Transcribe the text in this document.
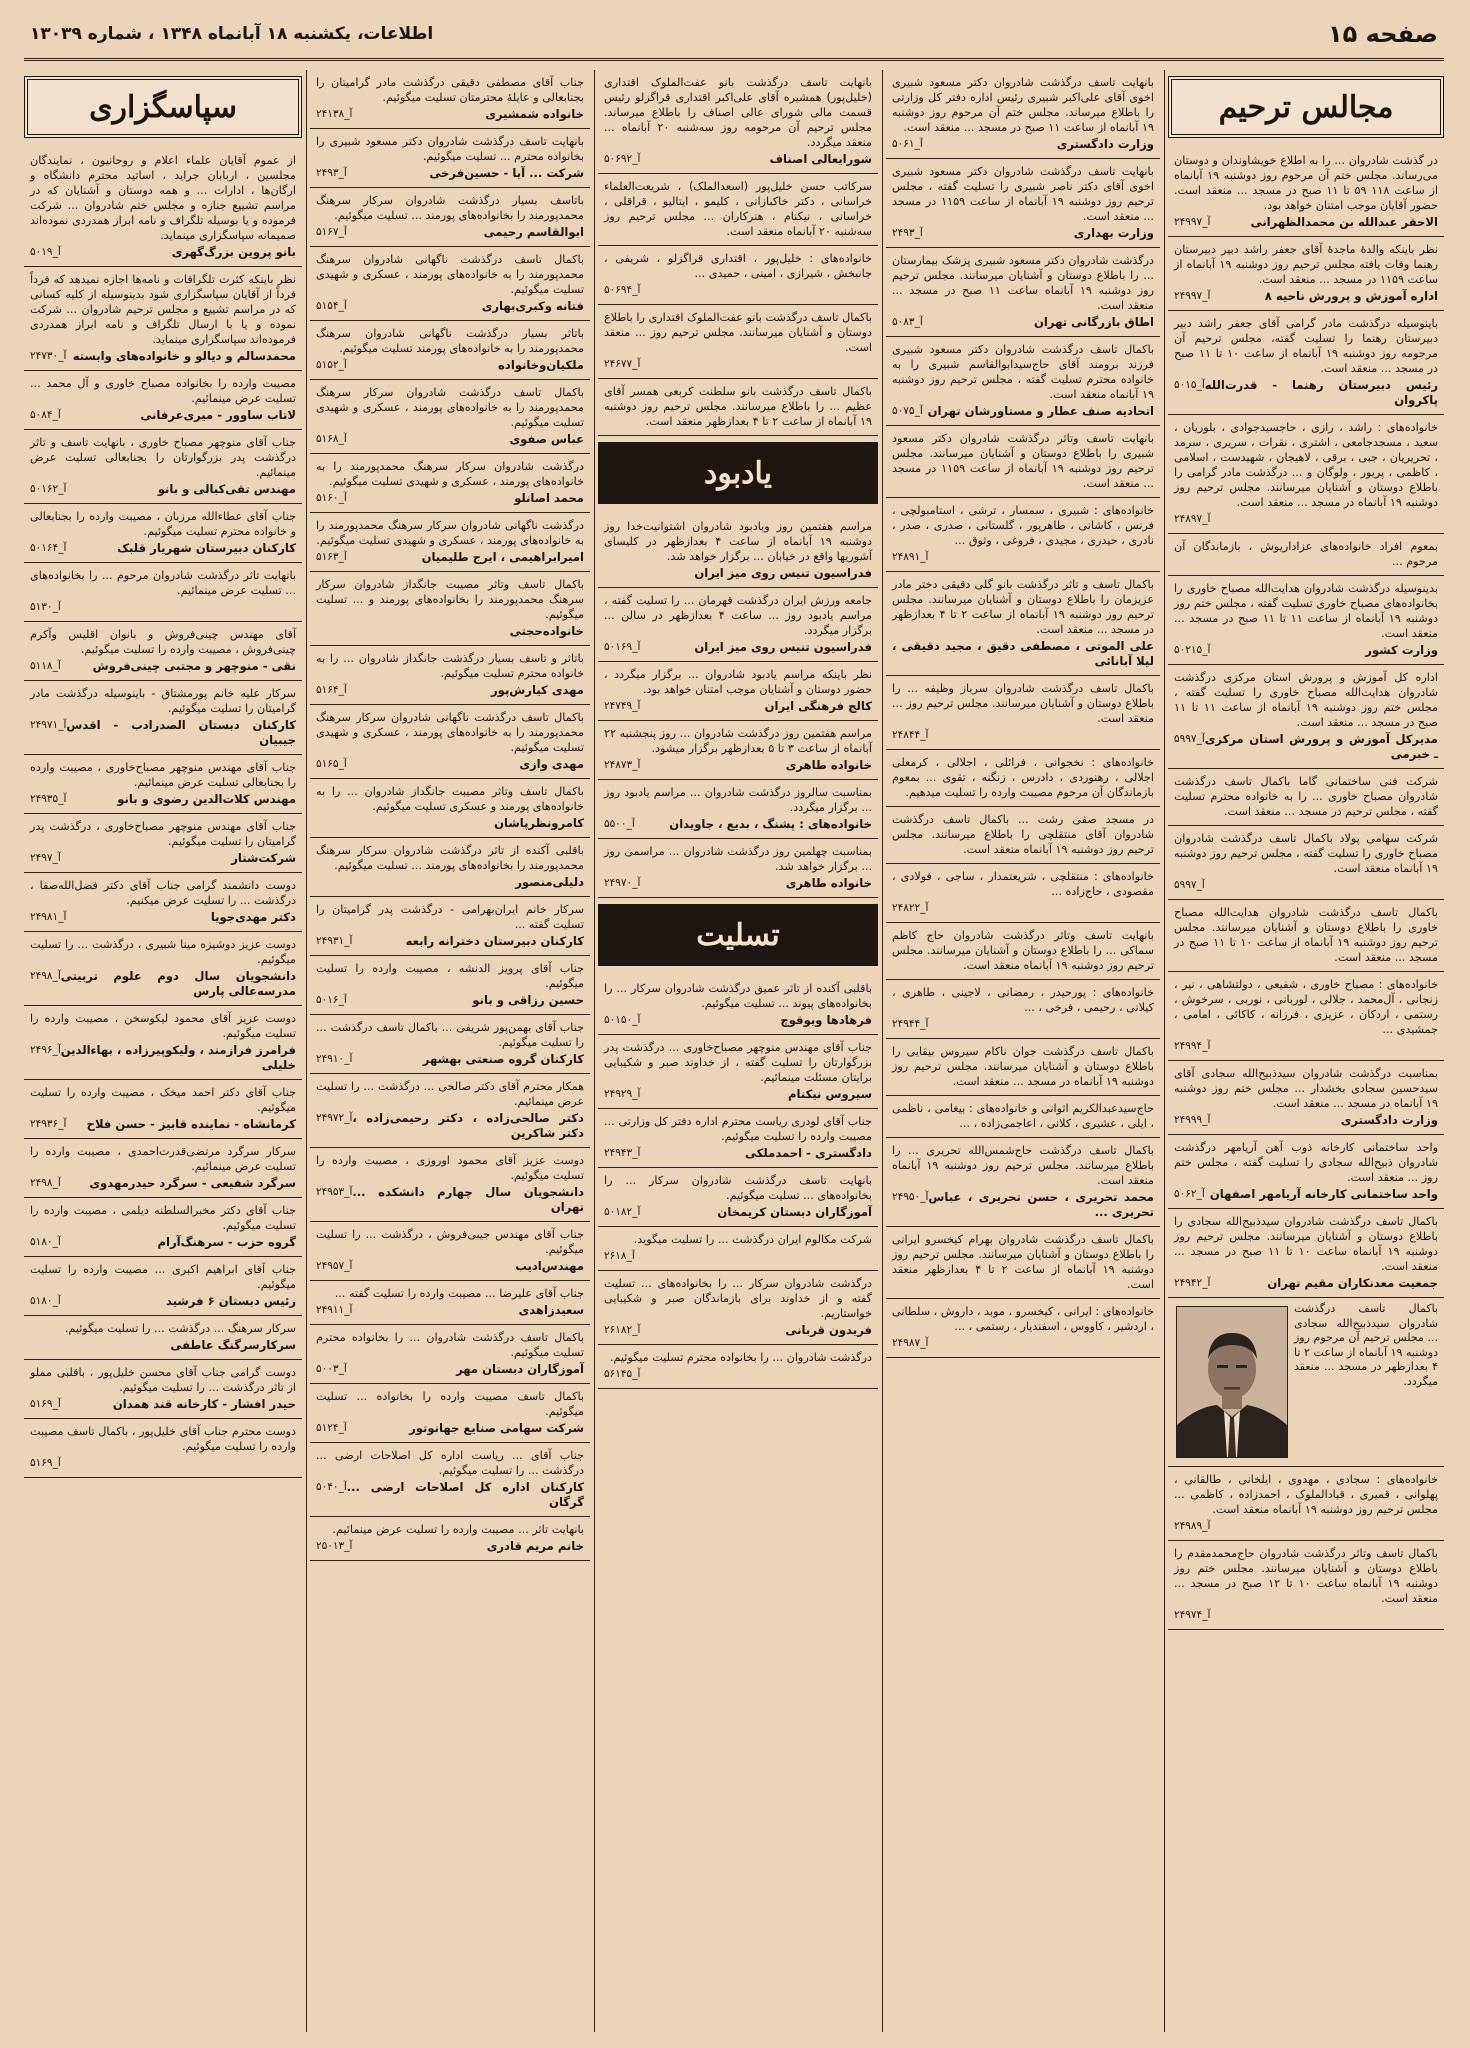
صفحه ۱۵
اطلاعات، یکشنبه ۱۸ آبانماه ۱۳۴۸ ، شماره ۱۳۰۳۹
مجالس ترحیم
در گذشت شادروان ... را به اطلاع خویشاوندان و دوستان می‌رساند. مجلس ختم آن مرحوم روز دوشنبه ۱۹ آبانماه از ساعت ۱۱۸ ۵۹ تا ۱۱ صبح در مسجد ... منعقد است. حضور آقایان موجب امتنان خواهد بود.
الاحقر عبدالله بن محمدالظهرانی
آ_۲۴۹۹۷
نظر باینکه والدهٔ ماجدهٔ آقای جعفر راشد دبیر دبیرستان رهنما وفات یافته مجلس ترحیم روز دوشنبه ۱۹ آبانماه از ساعت ۱۱۵۹ در مسجد ... منعقد است.
اداره آموزش و پرورش ناحیه ۸
آ_۲۴۹۹۷
باینوسیله درگذشت مادر گرامی آقای جعفر راشد دبیر دبیرستان رهنما را تسلیت گفته، مجلس ترحیم آن مرحومه روز دوشنبه ۱۹ آبانماه از ساعت ۱۰ تا ۱۱ صبح در مسجد ... منعقد است.
رئیس دبیرستان رهنما - قدرت‌الله پاکروان
آ_۵۰۱۵
خانواده‌های : راشد ، رازی ، حاجسیدجوادی ، بلوریان ، سعید ، مسجدجامعی ، اشتری ، نقرات ، سریری ، سرمد ، تحریریان ، جبی ، برقی ، لاهیجان ، شهیدست ، اسلامی ، کاظمی ، پریور ، ولوگان و ... درگذشت مادر گرامی را باطلاع دوستان و آشنایان میرسانند. مجلس ترحیم روز دوشنبه ۱۹ آبانماه در مسجد ... منعقد است.
آ_۲۴۸۹۷
بمعوم افراد خانواده‌های عزاداریوش ، بازماندگان آن مرحوم ...
بدینوسیله درگذشت شادروان هدایت‌الله مصباح خاوری را بخانواده‌های مصباح خاوری تسلیت گفته ، مجلس ختم روز دوشنبه ۱۹ آبانماه از ساعت ۱۱ تا ۱۱ صبح در مسجد ... منعقد است.
وزارت کشور
آ_۵۰۲۱۵
اداره کل آموزش و پرورش استان مرکزی درگذشت شادروان هدایت‌الله مصباح خاوری را تسلیت گفته ، مجلس ختم روز دوشنبه ۱۹ آبانماه از ساعت ۱۱ تا ۱۱ صبح در مسجد ... منعقد است.
مدیرکل آموزش و پرورش استان مرکزی ـ خبرمی
آ_۵۹۹۷
شرکت فنی ساختمانی گاما باکمال تاسف درگذشت شادروان مصباح خاوری ... را به خانواده محترم تسلیت گفته ، مجلس ترحیم در مسجد ... منعقد است.
شرکت سهامی پولاد باکمال تاسف درگذشت شادروان مصباح خاوری را تسلیت گفته ، مجلس ترحیم روز دوشنبه ۱۹ آبانماه منعقد است.
آ_۵۹۹۷
باکمال تاسف درگذشت شادروان هدایت‌الله مصباح خاوری را باطلاع دوستان و آشنایان میرسانند. مجلس ترحیم روز دوشنبه ۱۹ آبانماه از ساعت ۱۰ تا ۱۱ صبح در مسجد ... منعقد است.
خانواده‌های : مصباح خاوری ، شفیعی ، دولتشاهی ، نیر ، زنجانی ، آل‌محمد ، جلالی ، لوربانی ، نوربی ، سرخوش ، رستمی ، اردکان ، عزیزی ، فرزانه ، کاکائی ، امامی ، جمشیدی ...
آ_۲۴۹۹۴
بمناسبت درگذشت شادروان سیدذبیح‌الله سجادی آقای سیدحسین سجادی بخشدار ... مجلس ختم روز دوشنبه ۱۹ آبانماه در مسجد ... منعقد است.
وزارت دادگستری
آ_۲۴۹۹۹
واحد ساختمانی کارخانه ذوب آهن آریامهر درگذشت شادروان ذبیح‌الله سجادی را تسلیت گفته ، مجلس ختم روز ... منعقد است.
واحد ساختمانی کارخانه آریامهر اصفهان
آ_۵۰۶۲
باکمال تاسف درگذشت شادروان سیدذبیح‌الله سجادی را باطلاع دوستان و آشنایان میرسانند. مجلس ترحیم روز دوشنبه ۱۹ آبانماه ساعت ۱۰ تا ۱۱ صبح در مسجد ... منعقد است.
جمعیت معدنکاران مقیم تهران
آ_۲۴۹۴۲
باکمال تاسف درگذشت شادروان سیدذبیح‌الله سجادی ... مجلس ترحیم آن مرحوم روز دوشنبه ۱۹ آبانماه از ساعت ۲ تا ۴ بعدازظهر در مسجد ... منعقد میگردد.
خانواده‌های : سجادی ، مهدوی ، ایلخانی ، طالقانی ، پهلوانی ، قمیری ، قباد‌الملوک ، احمدزاده ، کاظمی ... مجلس ترحیم روز دوشنبه ۱۹ آبانماه منعقد است.
آ_۲۴۹۸۹
باکمال تاسف وتاثر درگذشت شادروان حاج‌محمدمقدم را باطلاع دوستان و آشنایان میرسانند. مجلس ختم روز دوشنبه ۱۹ آبانماه ساعت ۱۰ تا ۱۲ صبح در مسجد ... منعقد است.
آ_۲۴۹۷۴
بانهایت تاسف درگذشت شادروان دکتر مسعود شبیری اخوی آقای علی‌اکبر شبیری رئیس اداره دفتر کل وزارتی را باطلاع میرساند. مجلس ختم آن مرحوم روز دوشنبه ۱۹ آبانماه از ساعت ۱۱ صبح در مسجد ... منعقد است.
وزارت دادگستری
آ_۵۰۶۱
بانهایت تاسف درگذشت شادروان دکتر مسعود شبیری اخوی آقای دکتر ناصر شبیری را تسلیت گفته ، مجلس ترحیم روز دوشنبه ۱۹ آبانماه از ساعت ۱۱۵۹ در مسجد ... منعقد است.
وزارت بهداری
آ_۲۴۹۳
درگذشت شادروان دکتر مسعود شبیری پزشک بیمارستان ... را باطلاع دوستان و آشنایان میرسانند. مجلس ترحیم روز دوشنبه ۱۹ آبانماه ساعت ۱۱ صبح در مسجد ... منعقد است.
اطاق بازرگانی تهران
آ_۵۰۸۳
باکمال تاسف درگذشت شادروان دکتر مسعود شبیری فرزند برومند آقای حاج‌سیدابوالقاسم شبیری را به خانواده محترم تسلیت گفته ، مجلس ترحیم روز دوشنبه ۱۹ آبانماه منعقد است.
اتحادیه صنف عطار و مستاورشان تهران
آ_۵۰۷۵
بانهایت تاسف وتاثر درگذشت شادروان دکتر مسعود شبیری را باطلاع دوستان و آشنایان میرسانند. مجلس ترحیم روز دوشنبه ۱۹ آبانماه از ساعت ۱۱۵۹ در مسجد ... منعقد است.
خانواده‌های : شبیری ، سمسار ، ترشی ، استامبولچی ، فرنس ، کاشانی ، طاهرپور ، گلستانی ، صدری ، صدر ، نادری ، حیدری ، مجیدی ، فروغی ، وثوق ...
آ_۲۴۸۹۱
باکمال تاسف و تاثر درگذشت بانو گلی دقیقی دختر مادر عزیزمان را باطلاع دوستان و آشنایان میرسانند. مجلس ترحیم روز دوشنبه ۱۹ آبانماه از ساعت ۲ تا ۴ بعدازظهر در مسجد ... منعقد است.
علی الموتی ، مصطفی دقیق ، مجید دقیقی ، لیلا آبانائی
باکمال تاسف درگذشت شادروان سرباز وظیفه ... را باطلاع دوستان و آشنایان میرسانند. مجلس ترحیم روز ... منعقد است.
آ_۲۴۸۴۴
خانواده‌های : نخجوانی ، فرائلی ، اجلالی ، کرمعلی اجلالی ، رهنوردی ، دادرس ، زنگنه ، تقوی ... بمعوم بازماندگان آن مرحوم مصیبت وارده را تسلیت میدهیم.
در مسجد صفی رشت ... باکمال تاسف درگذشت شادروان آقای منتقلچی را باطلاع میرسانند. مجلس ترحیم روز دوشنبه ۱۹ آبانماه منعقد است.
خانواده‌های : منتقلچی ، شریعتمدار ، ساجی ، فولادی ، مقصودی ، حاج‌زاده ...
آ_۲۴۸۲۲
بانهایت تاسف وتاثر درگذشت شادروان حاج کاظم سماکی ... را باطلاع دوستان و آشنایان میرسانند. مجلس ترحیم روز دوشنبه ۱۹ آبانماه منعقد است.
خانواده‌های : پورحیدر ، رمضانی ، لاجینی ، طاهری ، کیلانی ، رحیمی ، فرخی ، ...
آ_۲۴۹۴۴
باکمال تاسف درگذشت جوان ناکام سیروس بیقایی را باطلاع دوستان و آشنایان میرسانند. مجلس ترحیم روز دوشنبه ۱۹ آبانماه در مسجد ... منعقد است.
حاج‌سیدعبدالکریم اثوانی و خانواده‌های : بیغامی ، ناظمی ، ایلی ، عشیری ، کلانی ، اعاجمی‌زاده ، ...
باکمال تاسف درگذشت حاج‌شمس‌الله تحریری ... را باطلاع میرسانند. مجلس ترحیم روز دوشنبه ۱۹ آبانماه منعقد است.
محمد تحریری ، حسن تحریری ، عباس تحریری ...
آ_۲۴۹۵۰
باکمال تاسف درگذشت شادروان بهرام کیخسرو ایرانی را باطلاع دوستان و آشنایان میرسانند. مجلس ترحیم روز دوشنبه ۱۹ آبانماه از ساعت ۲ تا ۴ بعدازظهر منعقد است.
خانواده‌های : ایرانی ، کیخسرو ، موبد ، داروش ، سلطانی ، اردشیر ، کاووس ، اسفندیار ، رستمی ، ...
آ_۲۴۹۸۷
بانهایت تاسف درگذشت بانو عفت‌الملوک اقتداری (خلیل‌پور) همشیره آقای علی‌اکبر اقتداری قراگزلو رئیس قسمت مالی شورای عالی اصناف را باطلاع میرساند. مجلس ترحیم آن مرحومه روز سه‌شنبه ۲۰ آبانماه ... منعقد میگردد.
شورایعالی اصناف
آ_۵۰۶۹۲
سرکاتب حسن خلیل‌پور (اسعدالملک) ، شریعت‌العلماء خراسانی ، دکتر خاکبازانی ، کلیمو ، ایتالیو ، قراقلی ، خراسانی ، نیکنام ، هنرکاران ... مجلس ترحیم روز سه‌شنبه ۲۰ آبانماه منعقد است.
خانواده‌های : خلیل‌پور ، اقتداری قراگزلو ، شریفی ، جانبخش ، شیرازی ، امینی ، حمیدی ...
آ_۵۰۶۹۴
باکمال تاسف درگذشت بانو عفت‌الملوک اقتداری را باطلاع دوستان و آشنایان میرسانند. مجلس ترحیم روز ... منعقد است.
آ_۲۴۶۷۷
باکمال تاسف درگذشت بانو سلطنت کربعی همسر آقای عظیم ... را باطلاع میرسانند. مجلس ترحیم روز دوشنبه ۱۹ آبانماه از ساعت ۲ تا ۴ بعدازظهر منعقد است.
یادبود
مراسم هفتمین روز وبادبود شادروان اشتوانیت‌خدا روز دوشنبه ۱۹ آبانماه از ساعت ۴ بعدازظهر در کلیسای آشوریها واقع در خیابان ... برگزار خواهد شد.
فدراسیون تنیس روی میز ایران
جامعه ورزش ایران درگذشت قهرمان ... را تسلیت گفته ، مراسم یادبود روز ... ساعت ۴ بعدازظهر در سالن ... برگزار میگردد.
فدراسیون تنیس روی میز ایران
آ_۵۰۱۶۹
نظر باینکه مراسم یادبود شادروان ... برگزار میگردد ، حضور دوستان و آشنایان موجب امتنان خواهد بود.
کالج فرهنگی ایران
آ_۲۴۷۴۹
مراسم هفتمین روز درگذشت شادروان ... روز پنجشنبه ۲۲ آبانماه از ساعت ۳ تا ۵ بعدازظهر برگزار میشود.
خانواده طاهری
آ_۲۴۸۷۳
بمناسبت سالروز درگذشت شادروان ... مراسم یادبود روز ... برگزار میگردد.
خانواده‌های : پشنگ ، بدیع ، جاویدان
آ_۵۵۰۰
بمناسبت چهلمین روز درگذشت شادروان ... مراسمی روز ... برگزار خواهد شد.
خانواده طاهری
آ_۲۴۹۷۰
تسلیت
باقلبی آکنده از تاثر عمیق درگذشت شادروان سرکار ... را بخانواده‌های پیوند ... تسلیت میگوئیم.
فرهادها ویوقوچ
آ_۵۰۱۵۰
جناب آقای مهندس منوچهر مصباح‌خاوری ... درگذشت پدر بزرگوارتان را تسلیت گفته ، از خداوند صبر و شکیبایی برایتان مسئلت مینمائیم.
سیروس نیکنام
آ_۲۴۹۲۹
جناب آقای لودری ریاست محترم اداره دفتر کل وزارتی ... مصیبت وارده را تسلیت میگوئیم.
دادگستری - احمدملکی
آ_۲۴۹۴۳
بانهایت تاسف درگذشت شادروان سرکار ... را بخانواده‌های ... تسلیت میگوئیم.
آموزگاران دبستان کریمخان
آ_۵۰۱۸۲
شرکت مکالوم ایران درگذشت ... را تسلیت میگوید.
آ_۲۶۱۸
درگذشت شادروان سرکار ... را بخانواده‌های ... تسلیت گفته و از خداوند برای بازماندگان صبر و شکیبایی خواستاریم.
فریدون قربانی
آ_۲۶۱۸۲
درگذشت شادروان ... را بخانواده محترم تسلیت میگوئیم.
آ_۵۶۱۴۵
جناب آقای مصطفی دقیقی درگذشت مادر گرامیتان را بجنابعالی و عایلهٔ محترمتان تسلیت میگوئیم.
خانواده شمشیری
آ_۲۴۱۳۸
بانهایت تاسف درگذشت شادروان دکتر مسعود شبیری را بخانواده محترم ... تسلیت میگوئیم.
شرکت ... آیا - حسین‌فرخی
آ_۲۴۹۳
باتاسف بسیار درگذشت شادروان سرکار سرهنگ محمدپورمند را بخانواده‌های پورمند ... تسلیت میگوئیم.
ابوالقاسم رحیمی
آ_۵۱۶۷
باکمال تاسف درگذشت ناگهانی شادروان سرهنگ محمدپورمند را به خانواده‌های پورمند ، عسکری و شهیدی تسلیت میگوئیم.
فتانه وکبری‌بهاری
آ_۵۱۵۴
باتاثر بسیار درگذشت ناگهانی شادروان سرهنگ محمدپورمند را به خانواده‌های پورمند تسلیت میگوئیم.
ملکیان‌وخانواده
آ_۵۱۵۲
باکمال تاسف درگذشت شادروان سرکار سرهنگ محمدپورمند را به خانواده‌های پورمند ، عسکری و شهیدی تسلیت میگوئیم.
عباس صفوی
آ_۵۱۶۸
درگذشت شادروان سرکار سرهنگ محمدپورمند را به خانواده‌های پورمند ، عسکری و شهیدی تسلیت میگوئیم.
محمد اصانلو
آ_۵۱۶۰
درگذشت ناگهانی شادروان سرکار سرهنگ محمدپورمند را به خانواده‌های پورمند ، عسکری و شهیدی تسلیت میگوئیم.
امیرابراهیمی ، ایرج طلیمیان
آ_۵۱۶۳
باکمال تاسف وتاثر مصیبت جانگداز شادروان سرکار سرهنگ محمدپورمند را بخانواده‌های پورمند و ... تسلیت میگوئیم.
خانواده‌حجتی
باتاثر و تاسف بسیار درگذشت جانگداز شادروان ... را به خانواده محترم تسلیت میگوئیم.
مهدی کیارش‌پور
آ_۵۱۶۴
باکمال تاسف درگذشت ناگهانی شادروان سرکار سرهنگ محمدپورمند را به خانواده‌های پورمند ، عسکری و شهیدی تسلیت میگوئیم.
مهدی وازی
آ_۵۱۶۵
باکمال تاسف وتاثر مصیبت جانگداز شادروان ... را به خانواده‌های پورمند و عسکری تسلیت میگوئیم.
کامرونظرپاشان
باقلبی آکنده از تاثر درگذشت شادروان سرکار سرهنگ محمدپورمند را بخانواده‌های پورمند ... تسلیت میگوئیم.
دلیلی‌منصور
سرکار خانم ایران‌بهرامی - درگذشت پدر گرامیتان را تسلیت گفته ...
کارکنان دبیرستان دخترانه رابعه
آ_۲۴۹۳۱
جناب آقای پرویز الدنشه ، مصیبت وارده را تسلیت میگوئیم.
حسین رزاقی و بانو
آ_۵۰۱۶
جناب آقای بهمن‌پور شریفی ... باکمال تاسف درگذشت ... را تسلیت میگوئیم.
کارکنان گروه صنعتی بهشهر
آ_۲۴۹۱۰
همکار محترم آقای دکتر صالحی ... درگذشت ... را تسلیت عرض مینمائیم.
دکتر صالحی‌زاده ، دکتر رحیمی‌زاده ، دکتر شاکرین
آ_۲۴۹۷۲
دوست عزیز آقای محمود اوروزی ، مصیبت وارده را تسلیت میگوئیم.
دانشجویان سال چهارم دانشکده ... تهران
آ_۲۴۹۵۳
جناب آقای مهندس جیبی‌فروش ، درگذشت ... را تسلیت میگوئیم.
مهندس‌ادیب
آ_۲۴۹۵۷
جناب آقای علیرضا ... مصیبت وارده را تسلیت گفته ...
سعیدزاهدی
آ_۲۴۹۱۱
باکمال تاسف درگذشت شادروان ... را بخانواده محترم تسلیت میگوئیم.
آموزگاران دبستان مهر
آ_۵۰۰۳
باکمال تاسف مصیبت وارده را بخانواده ... تسلیت میگوئیم.
شرکت سهامی صنایع جهانوتور
آ_۵۱۲۴
جناب آقای ... ریاست اداره کل اصلاحات ارضی ... درگذشت ... را تسلیت میگوئیم.
کارکنان اداره کل اصلاحات ارضی ... گرگان
آ_۵۰۴۰
بانهایت تاثر ... مصیبت وارده را تسلیت عرض مینمائیم.
خانم مریم قادری
آ_۲۵۰۱۳
سپاسگزاری
از عموم آقایان علماء اعلام و روحانیون ، نمایندگان مجلسین ، اربابان جراید ، اساتید محترم دانشگاه و ارگان‌ها ، ادارات ... و همه دوستان و آشنایان که در مراسم تشییع جنازه و مجلس ختم شادروان ... شرکت فرموده و یا بوسیله تلگراف و نامه ابراز همدردی نموده‌اند صمیمانه سپاسگزاری مینماید.
بانو پروین بزرگ‌گهری
آ_۵۰۱۹
نظر باینکه کثرت تلگرافات و نامه‌ها اجازه نمیدهد که فرداً فرداً از آقایان سپاسگزاری شود بدینوسیله از کلیه کسانی که در مراسم تشییع و مجلس ترحیم شادروان ... شرکت نموده و یا با ارسال تلگراف و نامه ابراز همدردی فرموده‌اند سپاسگزاری مینماید.
محمدسالم و دیالو و خانواده‌های وابسته
آ_۲۴۷۳۰
مصیبت وارده را بخانواده مصباح خاوری و آل محمد ... تسلیت عرض مینمائیم.
لاتاب ساوور - میری‌عرفانی
آ_۵۰۸۴
جناب آقای منوچهر مصباح خاوری ، بانهایت تاسف و تاثر درگذشت پدر بزرگوارتان را بجنابعالی تسلیت عرض مینمائیم.
مهندس تقی‌کبالی و بانو
آ_۵۰۱۶۲
جناب آقای عطاءالله مرزبان ، مصیبت وارده را بجنابعالی و خانواده محترم تسلیت میگوئیم.
کارکنان دبیرستان شهریار قلبک
آ_۵۰۱۶۴
بانهایت تاثر درگذشت شادروان مرحوم ... را بخانواده‌های ... تسلیت عرض مینمائیم.
آ_۵۱۳۰
آقای مهندس چینی‌فروش و بانوان اقلیس وآکرم چینی‌فروش ، مصیبت وارده را تسلیت میگوئیم.
نقی - منوچهر و مجتبی چینی‌فروش
آ_۵۱۱۸
سرکار علیه خانم پورمشتاق - باینوسیله درگذشت مادر گرامیتان را تسلیت میگوئیم.
کارکنان دبستان الصدرادب - اقدس جیبیان
آ_۲۴۹۷۱
جناب آقای مهندس منوچهر مصباح‌خاوری ، مصیبت وارده را بجنابعالی تسلیت عرض مینمائیم.
مهندس کلات‌الدین رضوی و بانو
آ_۲۴۹۳۵
جناب آقای مهندس منوچهر مصباح‌خاوری ، درگذشت پدر گرامیتان را تسلیت میگوئیم.
شرکت‌شتار
آ_۲۴۹۷
دوست دانشمند گرامی جناب آقای دکتر فضل‌الله‌صفا ، درگذشت ... را تسلیت عرض میکنیم.
دکتر مهدی‌جویا
آ_۲۴۹۸۱
دوست عزیز دوشیزه مینا شبیری ، درگذشت ... را تسلیت میگوئیم.
دانشجویان سال دوم علوم تربیتی مدرسه‌عالی پارس
آ_۲۴۹۸
دوست عزیز آقای محمود لیکوسخن ، مصیبت وارده را تسلیت میگوئیم.
فرامرز فرازمند ، ولیکوپیرزاده ، بهاءالدین خلیلی
آ_۲۴۹۶
جناب آقای دکتر احمد میخک ، مصیبت وارده را تسلیت میگوئیم.
کرمانشاه - نماینده قابیز - حسن فلاح
آ_۲۴۹۳۶
سرکار سرگرد مرتضی‌قدرت‌احمدی ، مصیبت وارده را تسلیت عرض مینمائیم.
سرگرد شفیعی - سرگرد حیدرمهدوی
آ_۲۴۹۸
جناب آقای دکتر مخبرالسلطنه دیلمی ، مصیبت وارده را تسلیت میگوئیم.
گروه حزب - سرهنگ‌آرام
آ_۵۱۸۰
جناب آقای ابراهیم اکبری ... مصیبت وارده را تسلیت میگوئیم.
رئیس دبستان ۶ فرشید
آ_۵۱۸۰
سرکار سرهنگ ... درگذشت ... را تسلیت میگوئیم.
سرکارسرگنگ عاطفی
دوست گرامی جناب آقای محسن خلیل‌پور ، باقلبی مملو از تاثر درگذشت ... را تسلیت میگوئیم.
حیدر افشار - کارخانه قند همدان
آ_۵۱۶۹
دوست محترم جناب آقای خلیل‌پور ، باکمال تاسف مصیبت وارده را تسلیت میگوئیم.
آ_۵۱۶۹
